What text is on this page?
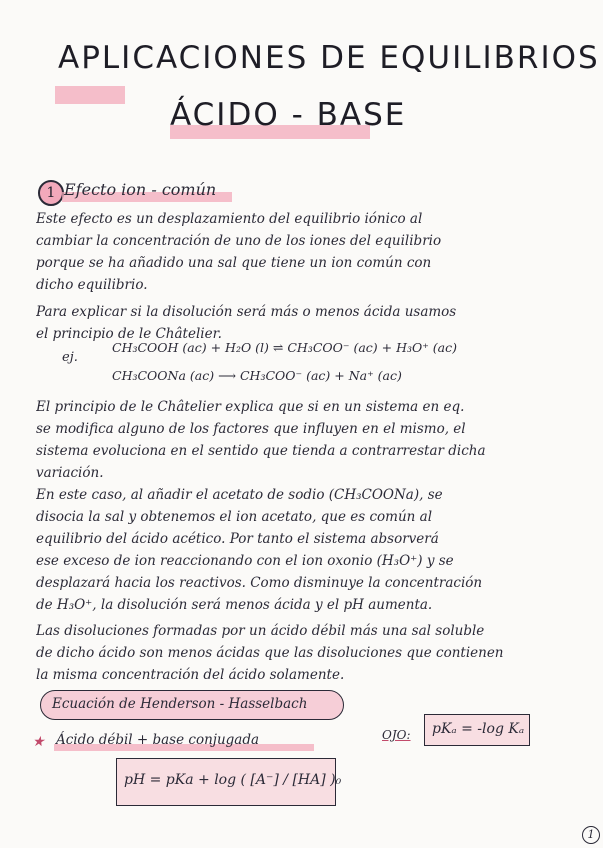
APLICACIONES DE EQUILIBRIOS
ÁCIDO - BASE
1 Efecto ion - común
Este efecto es un desplazamiento del equilibrio iónico al
cambiar la concentración de uno de los iones del equilibrio
porque se ha añadido una sal que tiene un ion común con
dicho equilibrio.
Para explicar si la disolución será más o menos ácida usamos
el principio de le Châtelier.
ej.
CH₃COOH (ac) + H₂O (l) ⇌ CH₃COO⁻ (ac) + H₃O⁺ (ac)
CH₃COONa (ac) ⟶ CH₃COO⁻ (ac) + Na⁺ (ac)
El principio de le Châtelier explica que si en un sistema en eq.
se modifica alguno de los factores que influyen en el mismo, el
sistema evoluciona en el sentido que tienda a contrarrestar dicha
variación.
En este caso, al añadir el acetato de sodio (CH₃COONa), se
disocia la sal y obtenemos el ion acetato, que es común al
equilibrio del ácido acético. Por tanto el sistema absorverá
ese exceso de ion reaccionando con el ion oxonio (H₃O⁺) y se
desplazará hacia los reactivos. Como disminuye la concentración
de H₃O⁺, la disolución será menos ácida y el pH aumenta.
Las disoluciones formadas por un ácido débil más una sal soluble
de dicho ácido son menos ácidas que las disoluciones que contienen
la misma concentración del ácido solamente.
Ecuación de Henderson - Hasselbach
★ Ácido débil + base conjugada	OJO: pKₐ = -log Kₐ
pH = pKa + log ( [A⁻] / [HA] )₀
1
